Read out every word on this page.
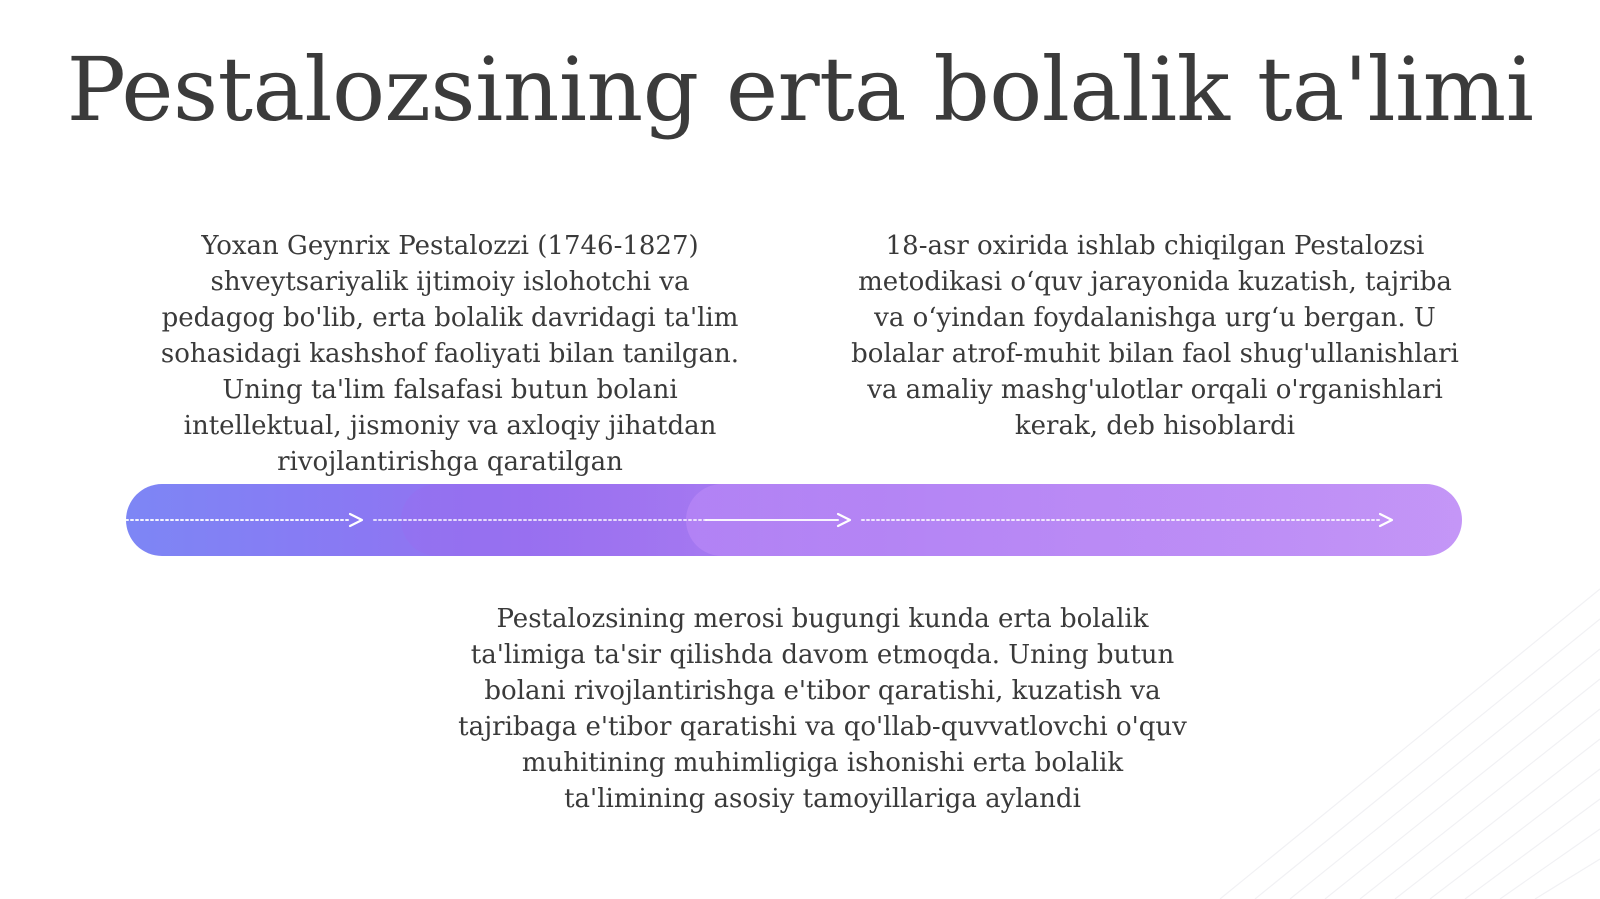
Pestalozsining erta bolalik ta'limi

Yoxan Geynrix Pestalozzi (1746-1827) shveytsariyalik ijtimoiy islohotchi va pedagog bo'lib, erta bolalik davridagi ta'lim sohasidagi kashshof faoliyati bilan tanilgan. Uning ta'lim falsafasi butun bolani intellektual, jismoniy va axloqiy jihatdan rivojlantirishga qaratilgan

18-asr oxirida ishlab chiqilgan Pestalozsi metodikasi o‘quv jarayonida kuzatish, tajriba va o‘yindan foydalanishga urg‘u bergan. U bolalar atrof-muhit bilan faol shug'ullanishlari va amaliy mashg'ulotlar orqali o'rganishlari kerak, deb hisoblardi

Pestalozsining merosi bugungi kunda erta bolalik ta'limiga ta'sir qilishda davom etmoqda. Uning butun bolani rivojlantirishga e'tibor qaratishi, kuzatish va tajribaga e'tibor qaratishi va qo'llab-quvvatlovchi o'quv muhitining muhimligiga ishonishi erta bolalik ta'limining asosiy tamoyillariga aylandi
